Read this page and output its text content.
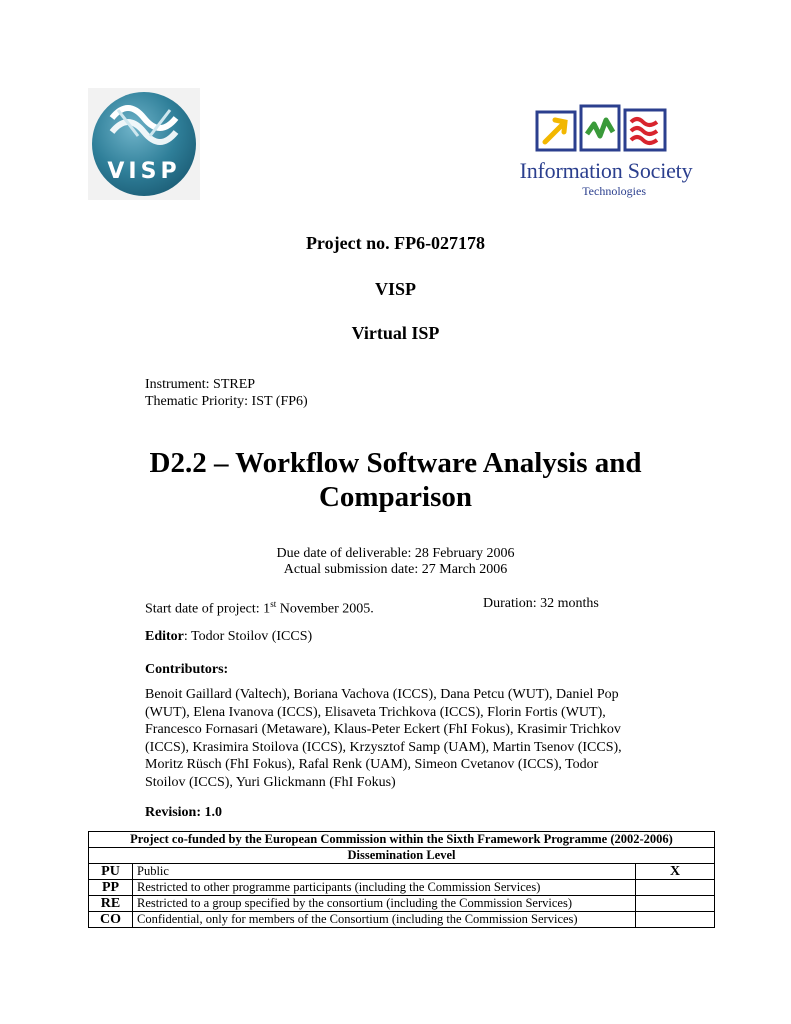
VISP	Information Society
Technologies
Project no. FP6-027178
VISP
Virtual ISP
Instrument: STREP
Thematic Priority: IST (FP6)
D2.2 – Workflow Software Analysis and
Comparison
Due date of deliverable: 28 February 2006
Actual submission date: 27 March 2006
Start date of project: 1st November 2005.	Duration: 32 months
Editor: Todor Stoilov (ICCS)
Contributors:
Benoit Gaillard (Valtech), Boriana Vachova (ICCS), Dana Petcu (WUT), Daniel Pop
(WUT), Elena Ivanova (ICCS), Elisaveta Trichkova (ICCS), Florin Fortis (WUT),
Francesco Fornasari (Metaware), Klaus-Peter Eckert (FhI Fokus), Krasimir Trichkov
(ICCS), Krasimira Stoilova (ICCS), Krzysztof Samp (UAM), Martin Tsenov (ICCS),
Moritz Rüsch (FhI Fokus), Rafal Renk (UAM), Simeon Cvetanov (ICCS), Todor
Stoilov (ICCS), Yuri Glickmann (FhI Fokus)
Revision: 1.0
Project co-funded by the European Commission within the Sixth Framework Programme (2002-2006)		
Dissemination Level		
PU	Public	X
PP	Restricted to other programme participants (including the Commission Services)	
RE	Restricted to a group specified by the consortium (including the Commission Services)	
CO	Confidential, only for members of the Consortium (including the Commission Services)	
